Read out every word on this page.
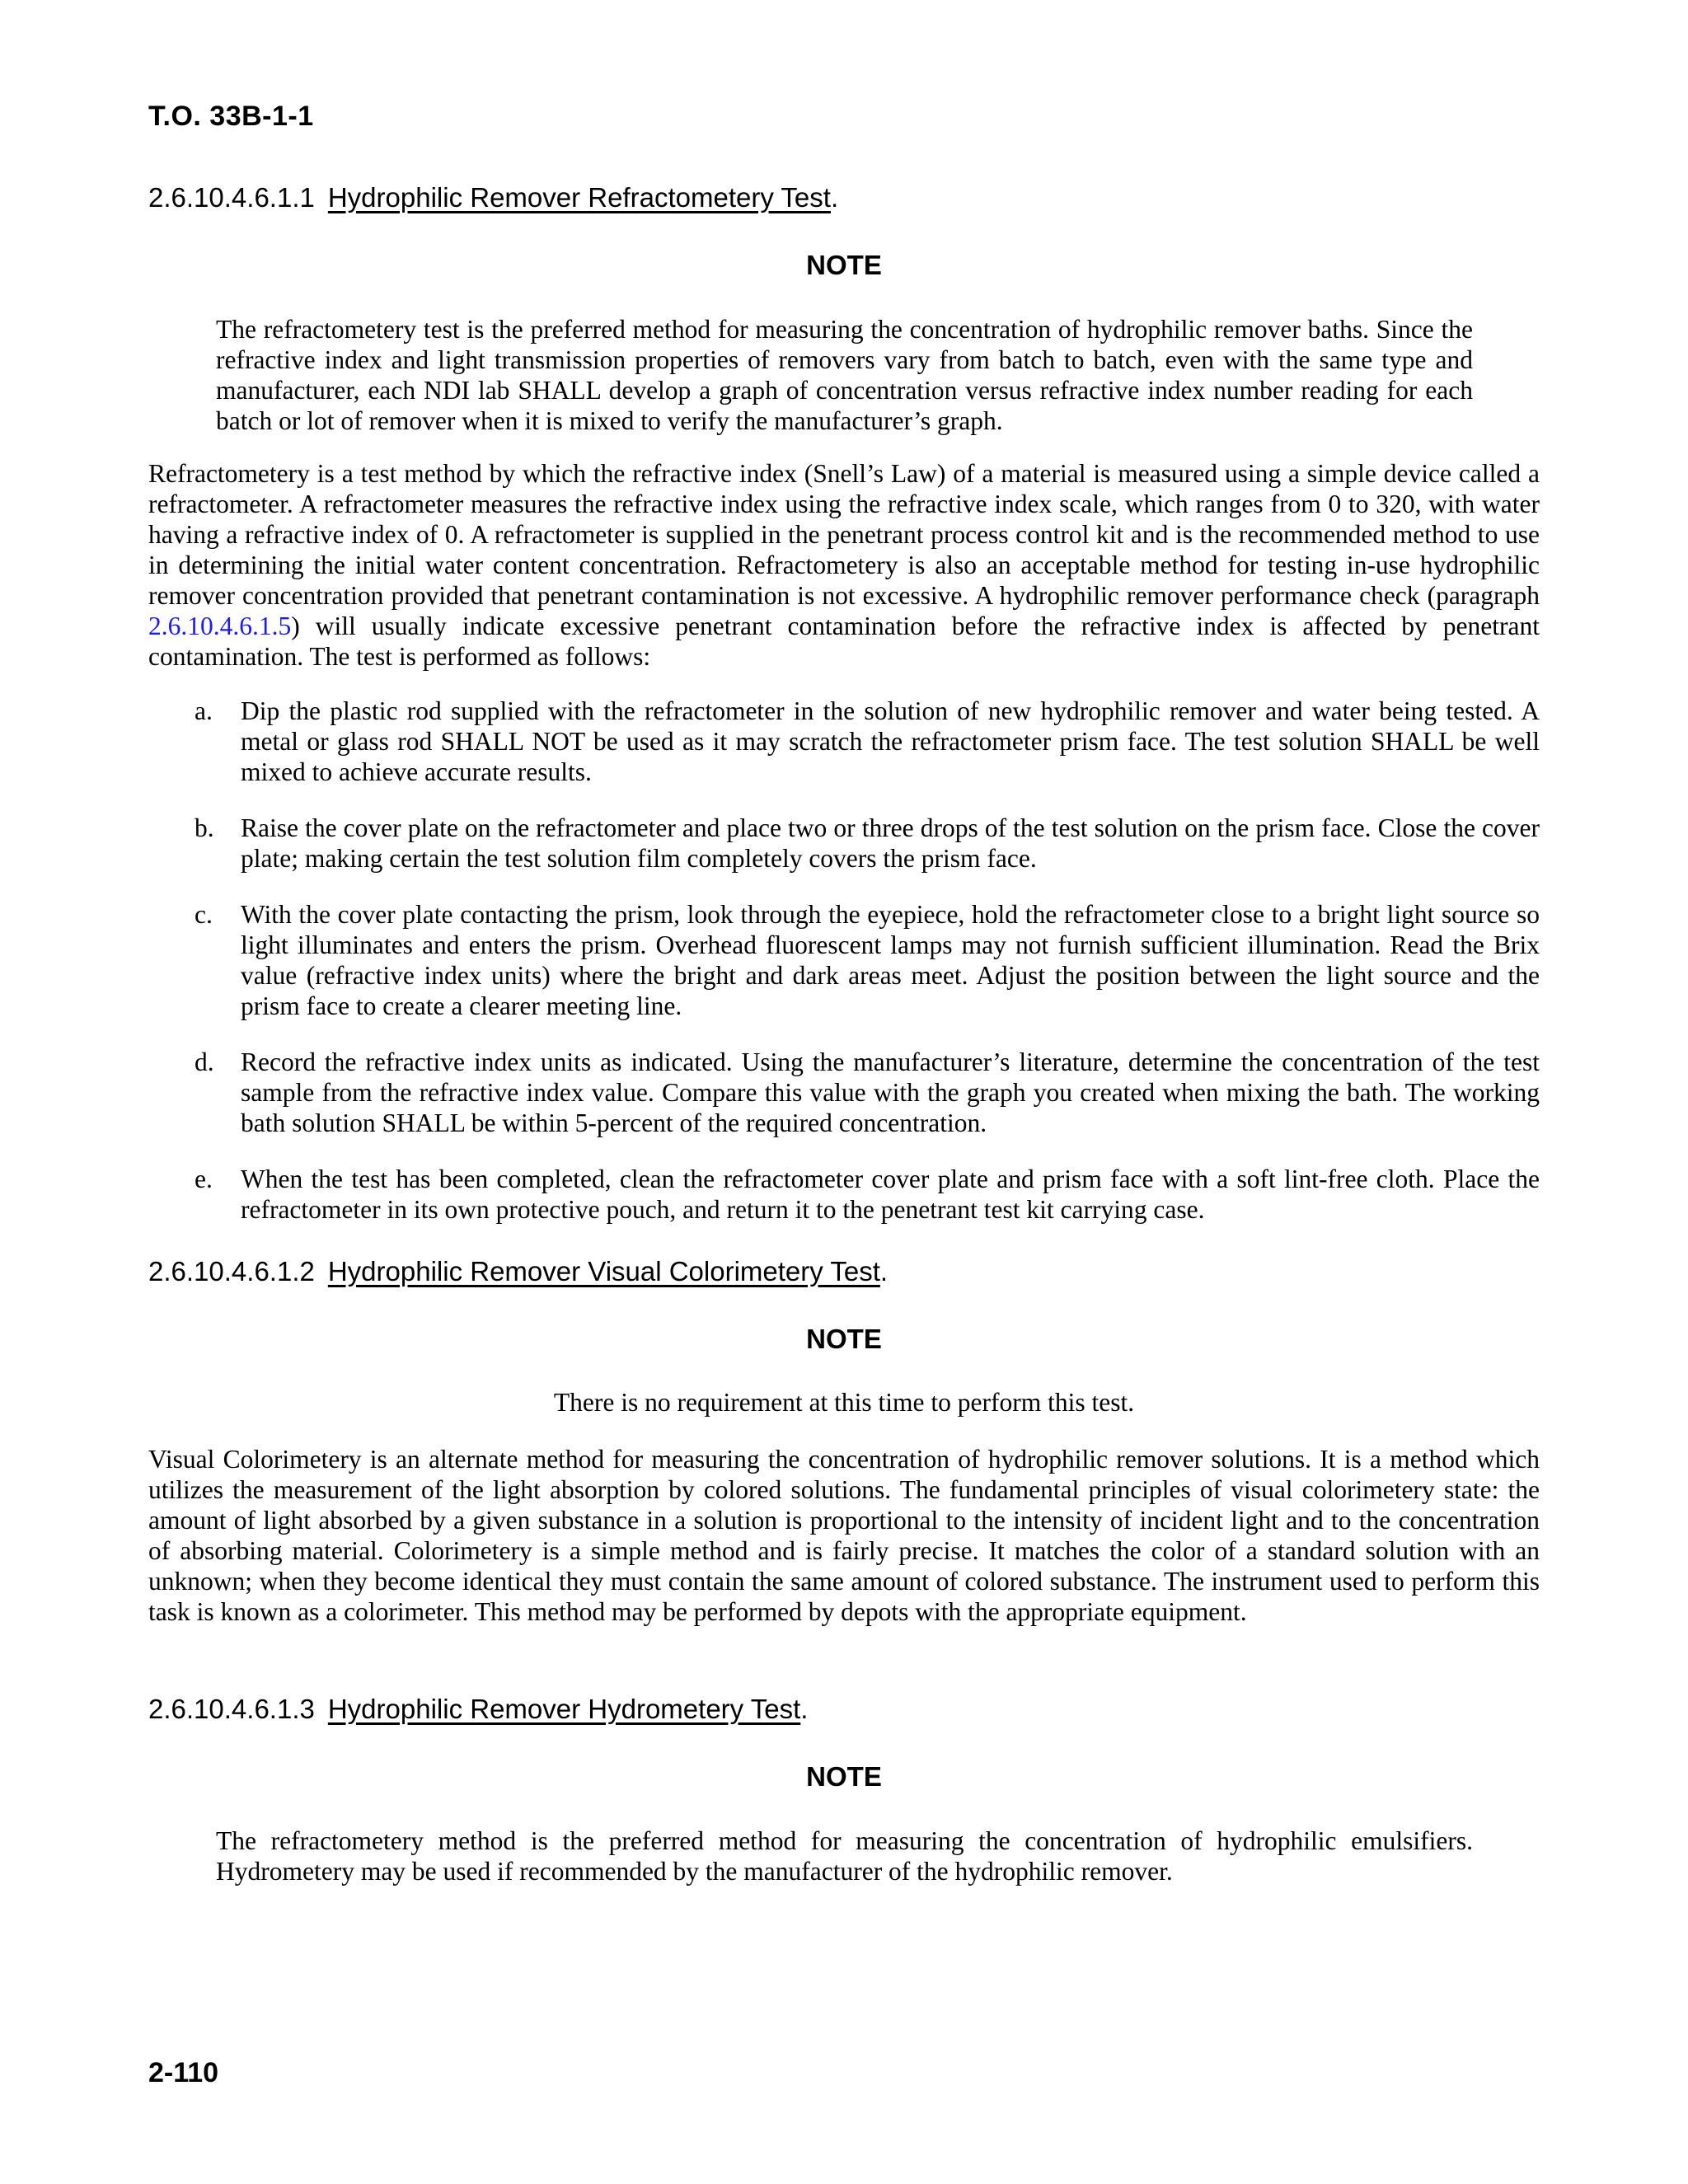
T.O. 33B-1-1
2.6.10.4.6.1.1 Hydrophilic Remover Refractometery Test.
NOTE
The refractometery test is the preferred method for measuring the concentration of hydrophilic remover baths. Since the refractive index and light transmission properties of removers vary from batch to batch, even with the same type and manufacturer, each NDI lab SHALL develop a graph of concentration versus refractive index number reading for each batch or lot of remover when it is mixed to verify the manufacturer’s graph.
Refractometery is a test method by which the refractive index (Snell’s Law) of a material is measured using a simple device called a refractometer. A refractometer measures the refractive index using the refractive index scale, which ranges from 0 to 320, with water having a refractive index of 0. A refractometer is supplied in the penetrant process control kit and is the recommended method to use in determining the initial water content concentration. Refractometery is also an acceptable method for testing in-use hydrophilic remover concentration provided that penetrant contamination is not excessive. A hydrophilic remover performance check (paragraph 2.6.10.4.6.1.5) will usually indicate excessive penetrant contamination before the refractive index is affected by penetrant contamination. The test is performed as follows:
a. Dip the plastic rod supplied with the refractometer in the solution of new hydrophilic remover and water being tested. A metal or glass rod SHALL NOT be used as it may scratch the refractometer prism face. The test solution SHALL be well mixed to achieve accurate results.
b. Raise the cover plate on the refractometer and place two or three drops of the test solution on the prism face. Close the cover plate; making certain the test solution film completely covers the prism face.
c. With the cover plate contacting the prism, look through the eyepiece, hold the refractometer close to a bright light source so light illuminates and enters the prism. Overhead fluorescent lamps may not furnish sufficient illumination. Read the Brix value (refractive index units) where the bright and dark areas meet. Adjust the position between the light source and the prism face to create a clearer meeting line.
d. Record the refractive index units as indicated. Using the manufacturer’s literature, determine the concentration of the test sample from the refractive index value. Compare this value with the graph you created when mixing the bath. The working bath solution SHALL be within 5-percent of the required concentration.
e. When the test has been completed, clean the refractometer cover plate and prism face with a soft lint-free cloth. Place the refractometer in its own protective pouch, and return it to the penetrant test kit carrying case.
2.6.10.4.6.1.2 Hydrophilic Remover Visual Colorimetery Test.
NOTE
There is no requirement at this time to perform this test.
Visual Colorimetery is an alternate method for measuring the concentration of hydrophilic remover solutions. It is a method which utilizes the measurement of the light absorption by colored solutions. The fundamental principles of visual colorimetery state: the amount of light absorbed by a given substance in a solution is proportional to the intensity of incident light and to the concentration of absorbing material. Colorimetery is a simple method and is fairly precise. It matches the color of a standard solution with an unknown; when they become identical they must contain the same amount of colored substance. The instrument used to perform this task is known as a colorimeter. This method may be performed by depots with the appropriate equipment.
2.6.10.4.6.1.3 Hydrophilic Remover Hydrometery Test.
NOTE
The refractometery method is the preferred method for measuring the concentration of hydrophilic emulsifiers. Hydrometery may be used if recommended by the manufacturer of the hydrophilic remover.
2-110
